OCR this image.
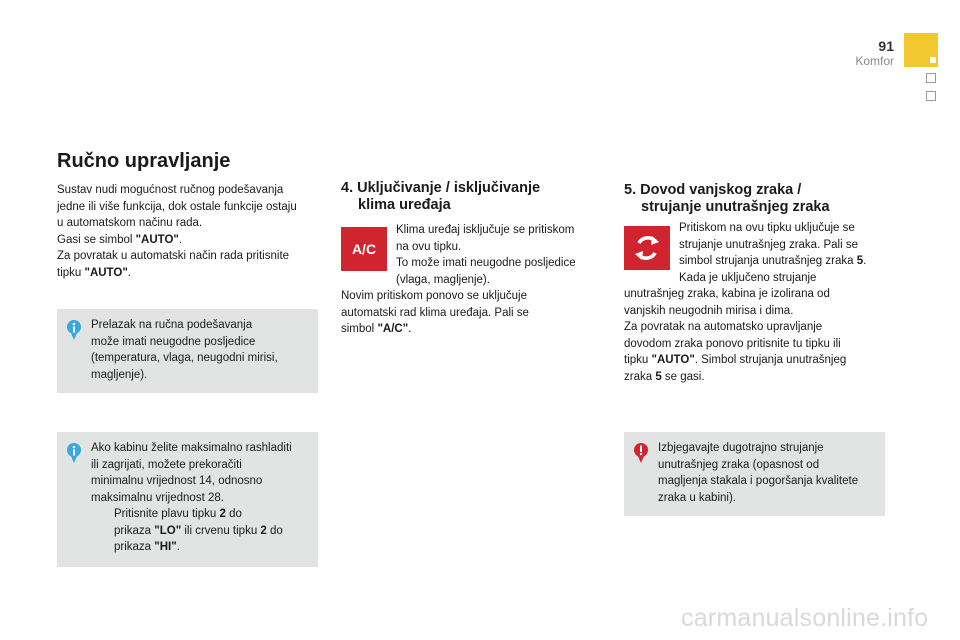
91
Komfor
Ručno upravljanje
Sustav nudi mogućnost ručnog podešavanja
jedne ili više funkcija, dok ostale funkcije ostaju
u automatskom načinu rada.
Gasi se simbol "AUTO".
Za povratak u automatski način rada pritisnite
tipku "AUTO".
Prelazak na ručna podešavanja
može imati neugodne posljedice
(temperatura, vlaga, neugodni mirisi,
magljenje).
Ako kabinu želite maksimalno rashladiti
ili zagrijati, možete prekoračiti
minimalnu vrijednost 14, odnosno
maksimalnu vrijednost 28.
Pritisnite plavu tipku 2 do
prikaza "LO" ili crvenu tipku 2 do
prikaza "HI".
4. Uključivanje / isključivanje
klima uređaja
A/C
Klima uređaj isključuje se pritiskom
na ovu tipku.
To može imati neugodne posljedice
(vlaga, magljenje).
Novim pritiskom ponovo se uključuje
automatski rad klima uređaja. Pali se
simbol "A/C".
5. Dovod vanjskog zraka /
strujanje unutrašnjeg zraka
Pritiskom na ovu tipku uključuje se
strujanje unutrašnjeg zraka. Pali se
simbol strujanja unutrašnjeg zraka 5.
Kada je uključeno strujanje
unutrašnjeg zraka, kabina je izolirana od
vanjskih neugodnih mirisa i dima.
Za povratak na automatsko upravljanje
dovodom zraka ponovo pritisnite tu tipku ili
tipku "AUTO". Simbol strujanja unutrašnjeg
zraka 5 se gasi.
Izbjegavajte dugotrajno strujanje
unutrašnjeg zraka (opasnost od
magljenja stakala i pogoršanja kvalitete
zraka u kabini).
carmanualsonline.info
